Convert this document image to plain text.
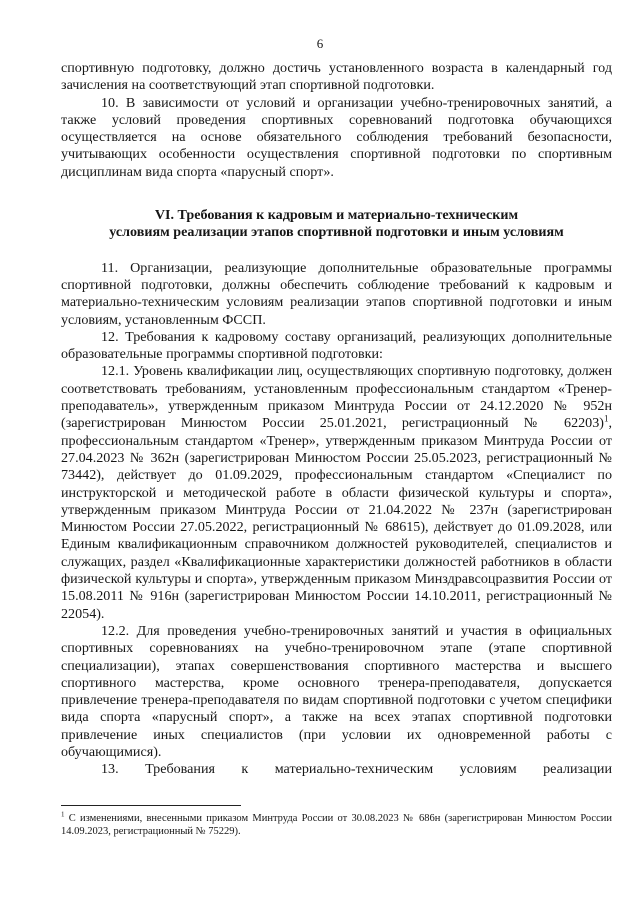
6

спортивную подготовку, должно достичь установленного возраста в календарный год зачисления на соответствующий этап спортивной подготовки.

10. В зависимости от условий и организации учебно-тренировочных занятий, а также условий проведения спортивных соревнований подготовка обучающихся осуществляется на основе обязательного соблюдения требований безопасности, учитывающих особенности осуществления спортивной подготовки по спортивным дисциплинам вида спорта «парусный спорт».

VI. Требования к кадровым и материально-техническим
условиям реализации этапов спортивной подготовки и иным условиям

11. Организации, реализующие дополнительные образовательные программы спортивной подготовки, должны обеспечить соблюдение требований к кадровым и материально-техническим условиям реализации этапов спортивной подготовки и иным условиям, установленным ФССП.

12. Требования к кадровому составу организаций, реализующих дополнительные образовательные программы спортивной подготовки:

12.1. Уровень квалификации лиц, осуществляющих спортивную подготовку, должен соответствовать требованиям, установленным профессиональным стандартом «Тренер-преподаватель», утвержденным приказом Минтруда России от 24.12.2020 № 952н (зарегистрирован Минюстом России 25.01.2021, регистрационный № 62203)$^1$, профессиональным стандартом «Тренер», утвержденным приказом Минтруда России от 27.04.2023 № 362н (зарегистрирован Минюстом России 25.05.2023, регистрационный № 73442), действует до 01.09.2029, профессиональным стандартом «Специалист по инструкторской и методической работе в области физической культуры и спорта», утвержденным приказом Минтруда России от 21.04.2022 № 237н (зарегистрирован Минюстом России 27.05.2022, регистрационный № 68615), действует до 01.09.2028, или Единым квалификационным справочником должностей руководителей, специалистов и служащих, раздел «Квалификационные характеристики должностей работников в области физической культуры и спорта», утвержденным приказом Минздравсоцразвития России от 15.08.2011 № 916н (зарегистрирован Минюстом России 14.10.2011, регистрационный № 22054).

12.2. Для проведения учебно-тренировочных занятий и участия в официальных спортивных соревнованиях на учебно-тренировочном этапе (этапе спортивной специализации), этапах совершенствования спортивного мастерства и высшего спортивного мастерства, кроме основного тренера-преподавателя, допускается привлечение тренера-преподавателя по видам спортивной подготовки с учетом специфики вида спорта «парусный спорт», а также на всех этапах спортивной подготовки привлечение иных специалистов (при условии их одновременной работы с обучающимися).

13. Требования к материально-техническим условиям реализации

$^1$ С изменениями, внесенными приказом Минтруда России от 30.08.2023 № 686н (зарегистрирован Минюстом России 14.09.2023, регистрационный № 75229).
